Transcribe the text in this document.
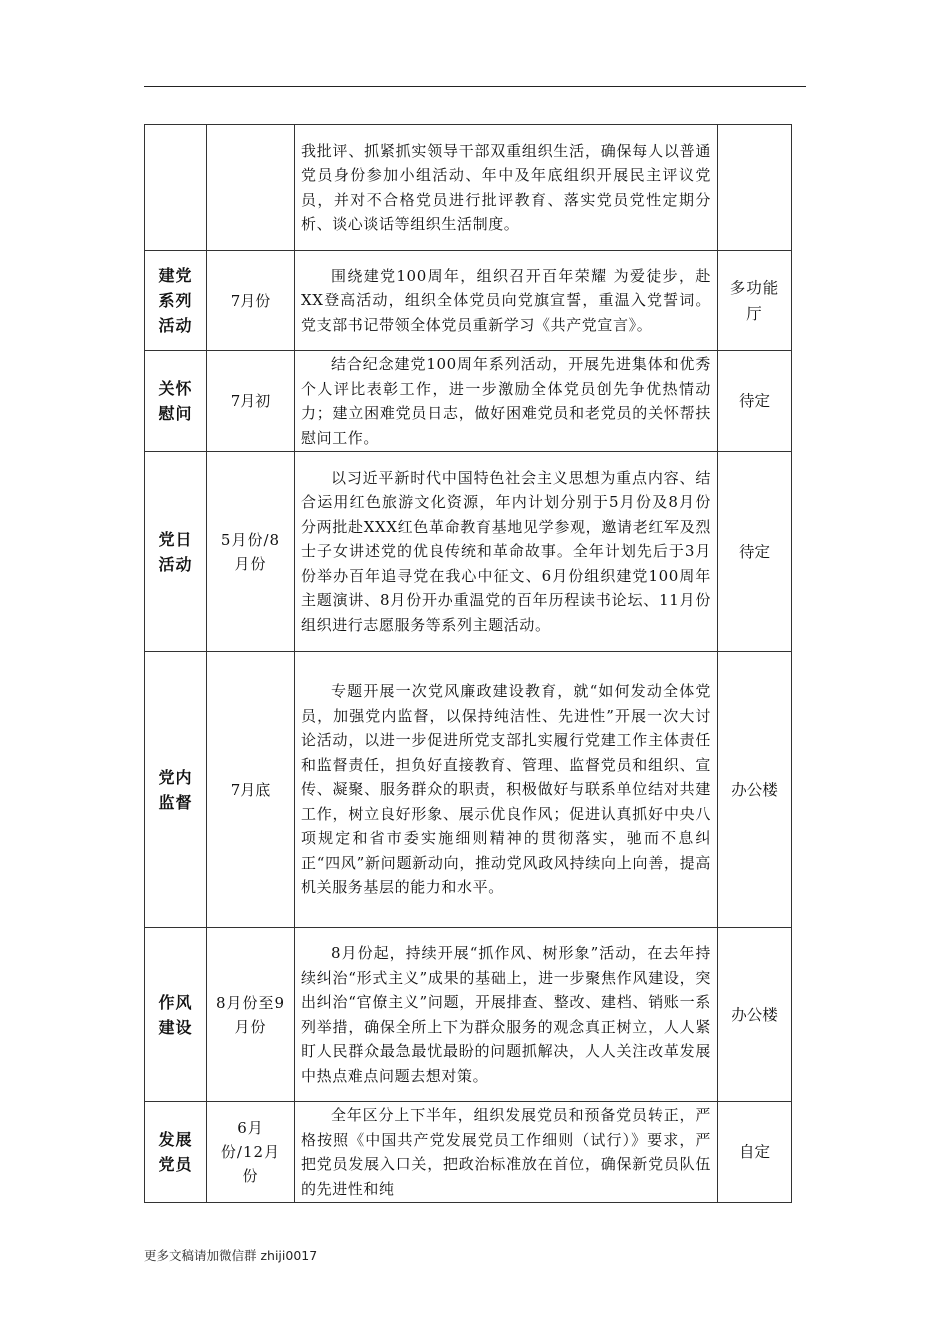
		我批评、抓紧抓实领导干部双重组织生活，确保每人以普通党员身份参加小组活动、年中及年底组织开展民主评议党员，并对不合格党员进行批评教育、落实党员党性定期分析、谈心谈话等组织生活制度。	
建党系列活动	7月份	围绕建党100周年，组织召开百年荣耀 为爱徒步，赴XX登高活动，组织全体党员向党旗宣誓，重温入党誓词。党支部书记带领全体党员重新学习《共产党宣言》。	多功能厅
关怀慰问	7月初	结合纪念建党100周年系列活动，开展先进集体和优秀个人评比表彰工作，进一步激励全体党员创先争优热情动力；建立困难党员日志，做好困难党员和老党员的关怀帮扶慰问工作。	待定
党日活动	5月份/8月份	以习近平新时代中国特色社会主义思想为重点内容、结合运用红色旅游文化资源，年内计划分别于5月份及8月份分两批赴XXX红色革命教育基地见学参观，邀请老红军及烈士子女讲述党的优良传统和革命故事。全年计划先后于3月份举办百年追寻党在我心中征文、6月份组织建党100周年主题演讲、8月份开办重温党的百年历程读书论坛、11月份组织进行志愿服务等系列主题活动。	待定
党内监督	7月底	专题开展一次党风廉政建设教育，就“如何发动全体党员，加强党内监督，以保持纯洁性、先进性”开展一次大讨论活动，以进一步促进所党支部扎实履行党建工作主体责任和监督责任，担负好直接教育、管理、监督党员和组织、宣传、凝聚、服务群众的职责，积极做好与联系单位结对共建工作，树立良好形象、展示优良作风；促进认真抓好中央八项规定和省市委实施细则精神的贯彻落实，驰而不息纠正“四风”新问题新动向，推动党风政风持续向上向善，提高机关服务基层的能力和水平。	办公楼
作风建设	8月份至9月份	8月份起，持续开展“抓作风、树形象”活动，在去年持续纠治“形式主义”成果的基础上，进一步聚焦作风建设，突出纠治“官僚主义”问题，开展排查、整改、建档、销账一系列举措，确保全所上下为群众服务的观念真正树立，人人紧盯人民群众最急最忧最盼的问题抓解决，人人关注改革发展中热点难点问题去想对策。	办公楼
发展党员	6月份/12月份	全年区分上下半年，组织发展党员和预备党员转正，严格按照《中国共产党发展党员工作细则（试行）》要求，严把党员发展入口关，把政治标准放在首位，确保新党员队伍的先进性和纯	自定
更多文稿请加微信群 zhiji0017
